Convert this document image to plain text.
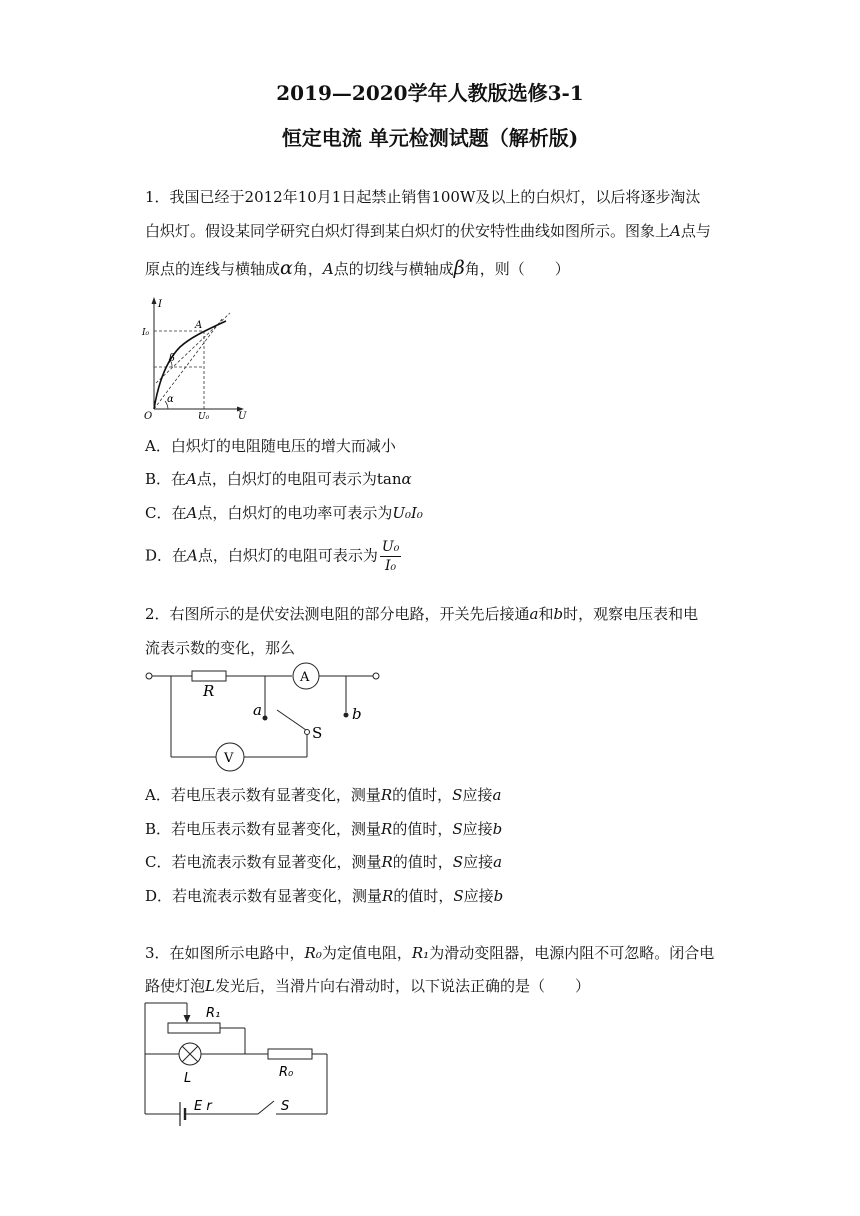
2019—2020学年人教版选修3-1
恒定电流 单元检测试题（解析版)
1．我国已经于2012年10月1日起禁止销售100W及以上的白炽灯，以后将逐步淘汰
白炽灯。假设某同学研究白炽灯得到某白炽灯的伏安特性曲线如图所示。图象上A点与
原点的连线与横轴成α角，A点的切线与横轴成β角，则（　　）
I
U
O
A
I₀
U₀
α
β
A．白炽灯的电阻随电压的增大而减小
B．在A点，白炽灯的电阻可表示为tanα
C．在A点，白炽灯的电功率可表示为U₀I₀
D．在A点，白炽灯的电阻可表示为 $\frac{\text{U₀}}{\text{I₀}}$
2．右图所示的是伏安法测电阻的部分电路，开关先后接通a和b时，观察电压表和电
流表示数的变化，那么
R
A
V
a	b
S
A．若电压表示数有显著变化，测量R的值时，S应接a
B．若电压表示数有显著变化，测量R的值时，S应接b
C．若电流表示数有显著变化，测量R的值时，S应接a
D．若电流表示数有显著变化，测量R的值时，S应接b
3．在如图所示电路中，R₀为定值电阻，R₁为滑动变阻器，电源内阻不可忽略。闭合电
路使灯泡L发光后，当滑片向右滑动时，以下说法正确的是（　　）
R₁
R₀
L
E r	S
